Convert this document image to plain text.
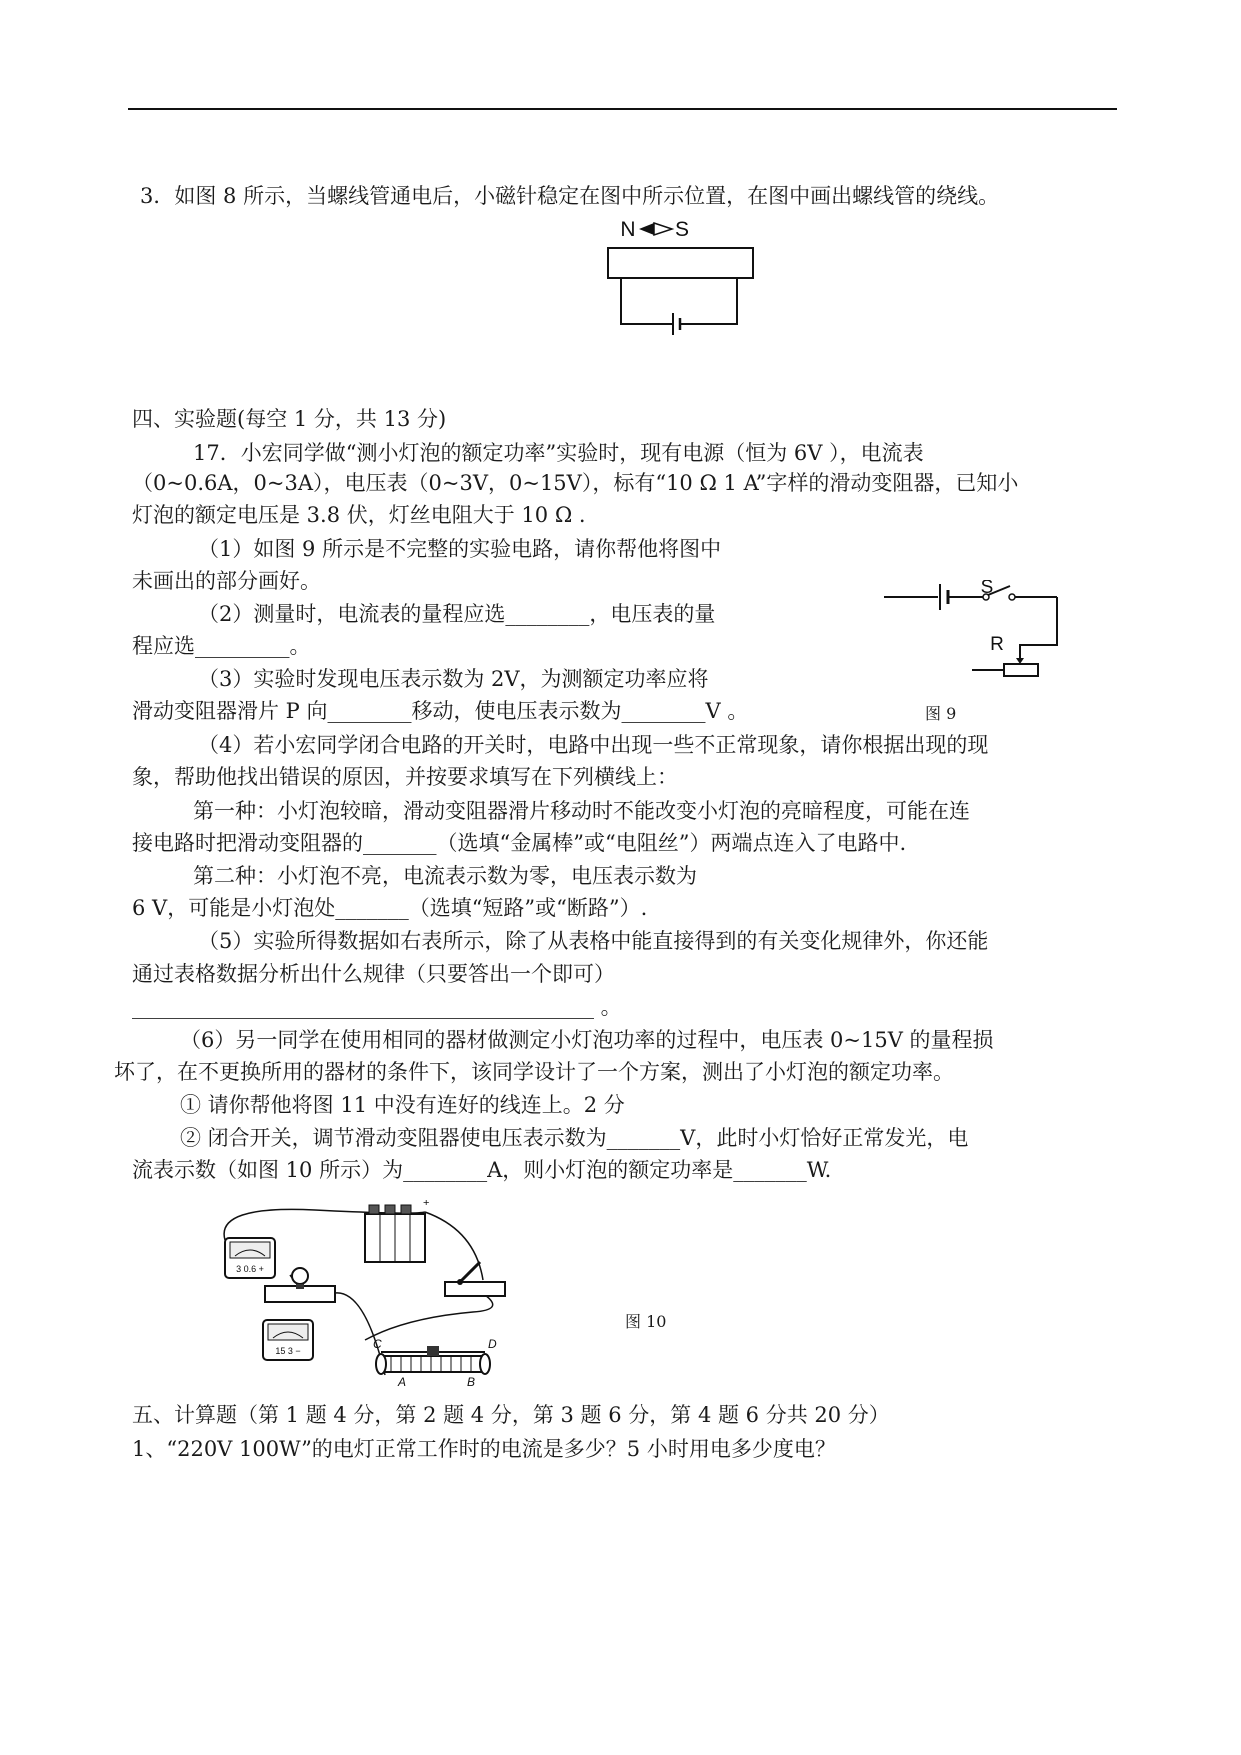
3．如图 8 所示，当螺线管通电后，小磁针稳定在图中所示位置，在图中画出螺线管的绕线。

N S

四、实验题(每空 1 分，共 13 分)

17．小宏同学做“测小灯泡的额定功率”实验时，现有电源（恒为 6V ），电流表

（0~0.6A，0~3A），电压表（0~3V，0~15V），标有“10 Ω 1 A”字样的滑动变阻器，已知小

灯泡的额定电压是 3.8 伏，灯丝电阻大于 10 Ω .

（1）如图 9 所示是不完整的实验电路，请你帮他将图中

未画出的部分画好。

（2）测量时，电流表的量程应选________，电压表的量

程应选_________。

（3）实验时发现电压表示数为 2V，为测额定功率应将

滑动变阻器滑片 P 向________移动，使电压表示数为________V 。

S
R

图 9

（4）若小宏同学闭合电路的开关时，电路中出现一些不正常现象，请你根据出现的现

象，帮助他找出错误的原因，并按要求填写在下列横线上：

第一种：小灯泡较暗，滑动变阻器滑片移动时不能改变小灯泡的亮暗程度，可能在连

接电路时把滑动变阻器的_______（选填“金属棒”或“电阻丝”）两端点连入了电路中.

第二种：小灯泡不亮，电流表示数为零，电压表示数为

6 V，可能是小灯泡处_______（选填“短路”或“断路”）.

（5）实验所得数据如右表所示，除了从表格中能直接得到的有关变化规律外，你还能

通过表格数据分析出什么规律（只要答出一个即可）

____________________________________________ 。

（6）另一同学在使用相同的器材做测定小灯泡功率的过程中，电压表 0~15V 的量程损

坏了，在不更换所用的器材的条件下，该同学设计了一个方案，测出了小灯泡的额定功率。

① 请你帮他将图 11 中没有连好的线连上。2 分

② 闭合开关，调节滑动变阻器使电压表示数为_______V，此时小灯恰好正常发光，电

流表示数（如图 10 所示）为________A，则小灯泡的额定功率是_______W.

+
3 0.6 +
15 3 −	C	D
A	B

图 10

五、计算题（第 1 题 4 分，第 2 题 4 分，第 3 题 6 分，第 4 题 6 分共 20 分）

1、“220V 100W”的电灯正常工作时的电流是多少？5 小时用电多少度电？
